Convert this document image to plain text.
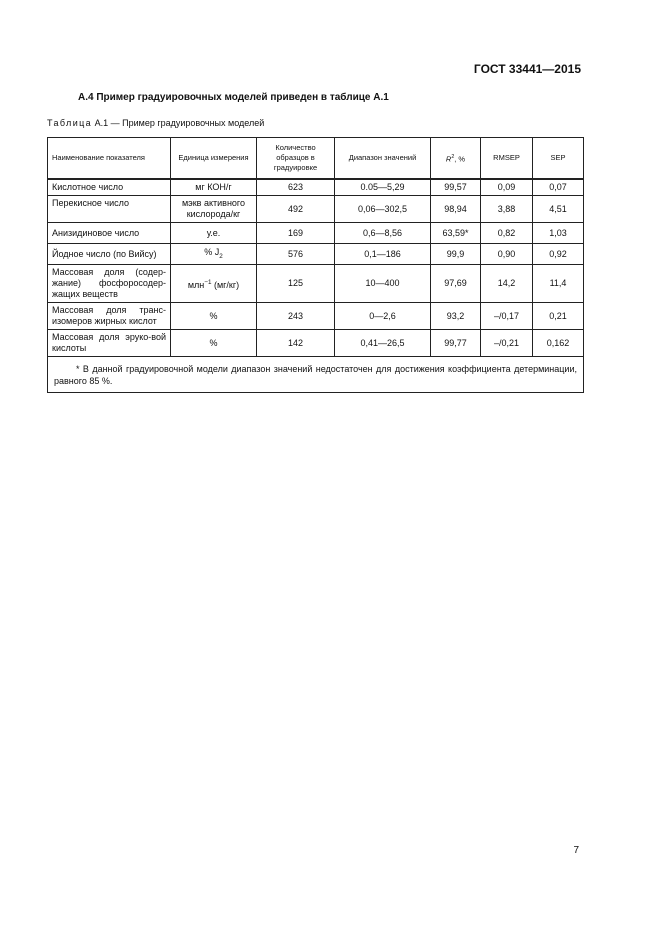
ГОСТ 33441—2015
А.4 Пример градуировочных моделей приведен в таблице А.1
Таблица А.1 — Пример градуировочных моделей
Наименование показателя	Единица измерения	Количество образцов в градуировке	Диапазон значений	$R^2$, %	RMSEP	SEP
Кислотное число	мг КОН/г	623	0.05—5,29	99,57	0,09	0,07
Перекисное число	мэкв активного кислорода/кг	492	0,06—302,5	98,94	3,88	4,51
Анизидиновое число	у.е.	169	0,6—8,56	63,59*	0,82	1,03
Йодное число (по Вийсу)	% $J_2$	576	0,1—186	99,9	0,90	0,92
Массовая доля (содер-жание) фосфоросодер-жащих веществ	млн$^{-1}$ (мг/кг)	125	10—400	97,69	14,2	11,4
Массовая доля транс-изомеров жирных кислот	%	243	0—2,6	93,2	–/0,17	0,21
Массовая доля эруко-вой кислоты	%	142	0,41—26,5	99,77	–/0,21	0,162
* В данной градуировочной модели диапазон значений недостаточен для достижения коэффициента детерминации, равного 85 %.						
7
